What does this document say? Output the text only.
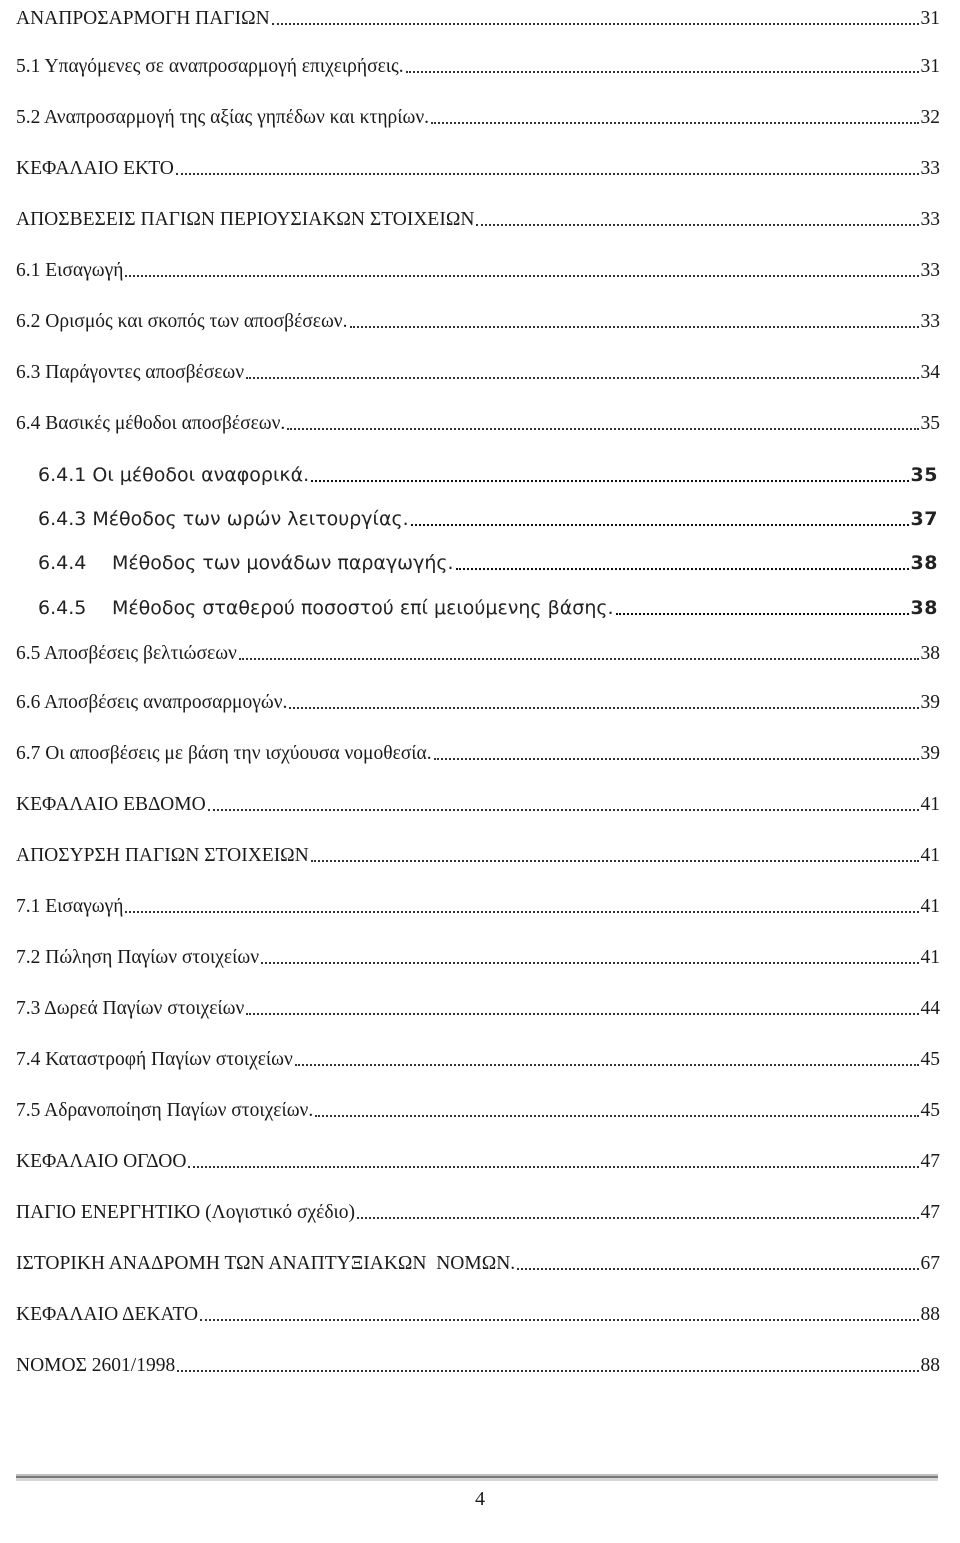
ΑΝΑΠΡΟΣΑΡΜΟΓΗ ΠΑΓΙΩΝ	31
5.1 Υπαγόμενες σε αναπροσαρμογή επιχειρήσεις.	31
5.2 Αναπροσαρμογή της αξίας γηπέδων και κτηρίων.	32
ΚΕΦΑΛΑΙΟ ΕΚΤΟ	33
ΑΠΟΣΒΕΣΕΙΣ ΠΑΓΙΩΝ ΠΕΡΙΟΥΣΙΑΚΩΝ ΣΤΟΙΧΕΙΩΝ	33
6.1 Εισαγωγή	33
6.2 Ορισμός και σκοπός των αποσβέσεων.	33
6.3 Παράγοντες αποσβέσεων	34
6.4 Βασικές μέθοδοι αποσβέσεων.	35
6.4.1 Οι μέθοδοι αναφορικά.	35
6.4.3 Μέθοδος των ωρών λειτουργίας.	37
6.4.4	Μέθοδος των μονάδων παραγωγής.	38
6.4.5	Μέθοδος σταθερού ποσοστού επί μειούμενης βάσης.	38
6.5 Αποσβέσεις βελτιώσεων	38
6.6 Αποσβέσεις αναπροσαρμογών.	39
6.7 Οι αποσβέσεις με βάση την ισχύουσα νομοθεσία.	39
ΚΕΦΑΛΑΙΟ ΕΒΔΟΜΟ	41
ΑΠΟΣΥΡΣΗ ΠΑΓΙΩΝ ΣΤΟΙΧΕΙΩΝ	41
7.1 Εισαγωγή	41
7.2 Πώληση Παγίων στοιχείων	41
7.3 Δωρεά Παγίων στοιχείων	44
7.4 Καταστροφή Παγίων στοιχείων	45
7.5 Αδρανοποίηση Παγίων στοιχείων.	45
ΚΕΦΑΛΑΙΟ ΟΓΔΟΟ	47
ΠΑΓΙΟ ΕΝΕΡΓΗΤΙΚΟ (Λογιστικό σχέδιο)	47
ΙΣΤΟΡΙΚΗ ΑΝΑΔΡΟΜΗ ΤΩΝ ΑΝΑΠΤΥΞΙΑΚΩΝ  ΝΟΜΩΝ.	67
ΚΕΦΑΛΑΙΟ ΔΕΚΑΤΟ	88
ΝΟΜΟΣ 2601/1998	88
4
